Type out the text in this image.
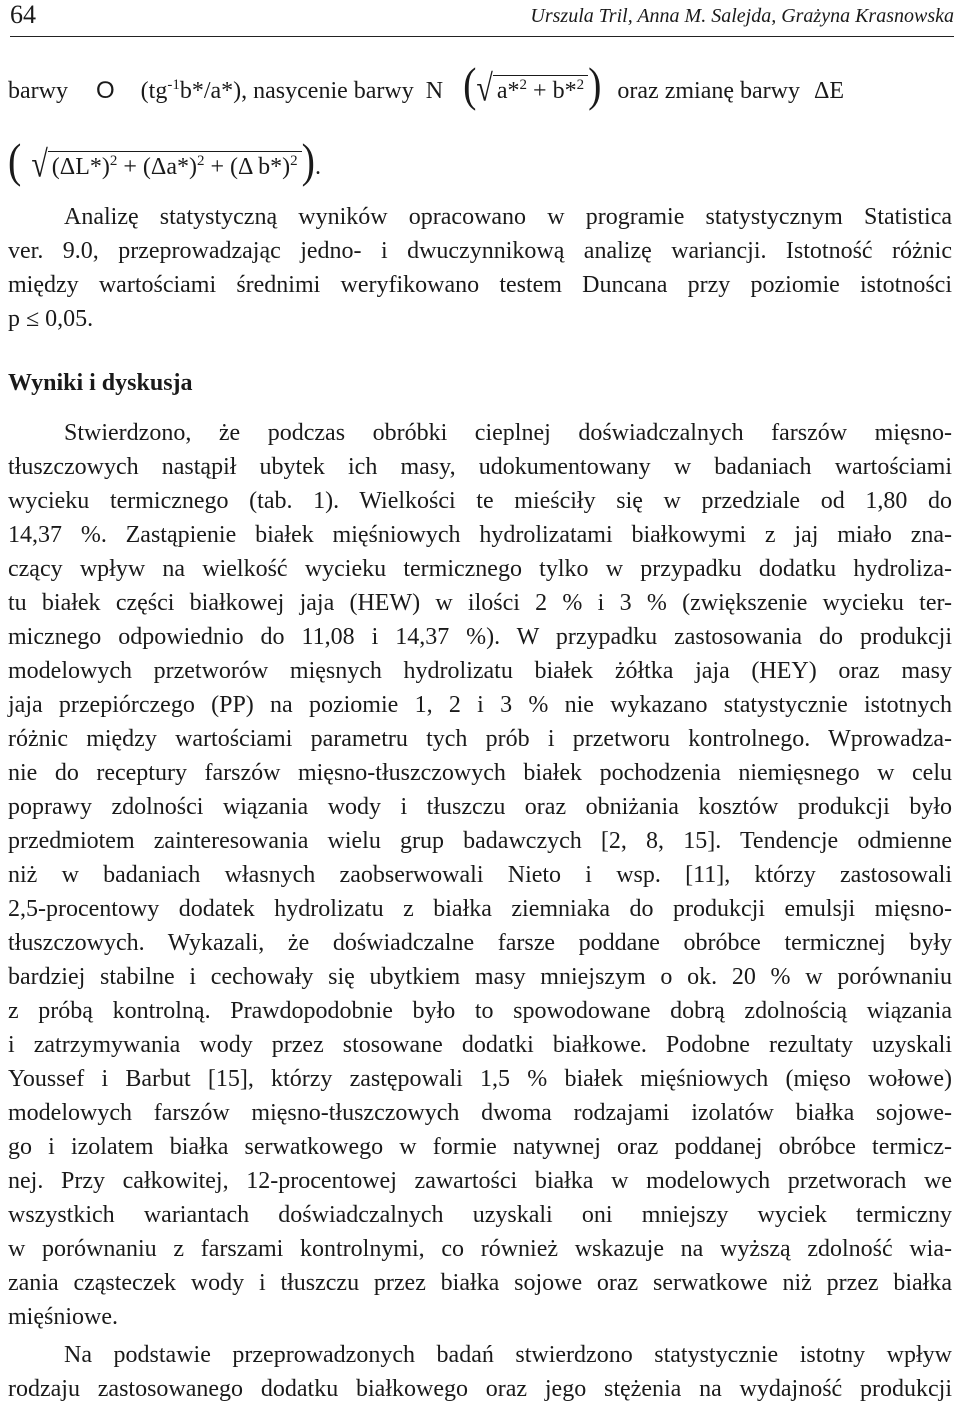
64	Urszula Tril, Anna M. Salejda, Grażyna Krasnowska
barwy O $(tg^{-1}b*/a*)$, nasycenie barwy N (√ a*$^2$ + b*$^2$ ) oraz zmianę barwy ΔE
( √ $(\Delta L*)^2 + (\Delta a*)^2 + (\Delta$ b*)$^2$ ).
Analizę statystyczną wyników opracowano w programie statystycznym Statistica
ver. 9.0, przeprowadzając jedno- i dwuczynnikową analizę wariancji. Istotność różnic
między wartościami średnimi weryfikowano testem Duncana przy poziomie istotności
p ≤ 0,05.
Wyniki i dyskusja
Stwierdzono, że podczas obróbki cieplnej doświadczalnych farszów mięsno-
tłuszczowych nastąpił ubytek ich masy, udokumentowany w badaniach wartościami
wycieku termicznego (tab. 1). Wielkości te mieściły się w przedziale od 1,80 do
14,37 %. Zastąpienie białek mięśniowych hydrolizatami białkowymi z jaj miało zna-
czący wpływ na wielkość wycieku termicznego tylko w przypadku dodatku hydroliza-
tu białek części białkowej jaja (HEW) w ilości 2 % i 3 % (zwiększenie wycieku ter-
micznego odpowiednio do 11,08 i 14,37 %). W przypadku zastosowania do produkcji
modelowych przetworów mięsnych hydrolizatu białek żółtka jaja (HEY) oraz masy
jaja przepiórczego (PP) na poziomie 1, 2 i 3 % nie wykazano statystycznie istotnych
różnic między wartościami parametru tych prób i przetworu kontrolnego. Wprowadza-
nie do receptury farszów mięsno-tłuszczowych białek pochodzenia niemięsnego w celu
poprawy zdolności wiązania wody i tłuszczu oraz obniżania kosztów produkcji było
przedmiotem zainteresowania wielu grup badawczych [2, 8, 15]. Tendencje odmienne
niż w badaniach własnych zaobserwowali Nieto i wsp. [11], którzy zastosowali
2,5-procentowy dodatek hydrolizatu z białka ziemniaka do produkcji emulsji mięsno-
tłuszczowych. Wykazali, że doświadczalne farsze poddane obróbce termicznej były
bardziej stabilne i cechowały się ubytkiem masy mniejszym o ok. 20 % w porównaniu
z próbą kontrolną. Prawdopodobnie było to spowodowane dobrą zdolnością wiązania
i zatrzymywania wody przez stosowane dodatki białkowe. Podobne rezultaty uzyskali
Youssef i Barbut [15], którzy zastępowali 1,5 % białek mięśniowych (mięso wołowe)
modelowych farszów mięsno-tłuszczowych dwoma rodzajami izolatów białka sojowe-
go i izolatem białka serwatkowego w formie natywnej oraz poddanej obróbce termicz-
nej. Przy całkowitej, 12-procentowej zawartości białka w modelowych przetworach we
wszystkich wariantach doświadczalnych uzyskali oni mniejszy wyciek termiczny
w porównaniu z farszami kontrolnymi, co również wskazuje na wyższą zdolność wia-
zania cząsteczek wody i tłuszczu przez białka sojowe oraz serwatkowe niż przez białka
mięśniowe.
Na podstawie przeprowadzonych badań stwierdzono statystycznie istotny wpływ
rodzaju zastosowanego dodatku białkowego oraz jego stężenia na wydajność produkcji
